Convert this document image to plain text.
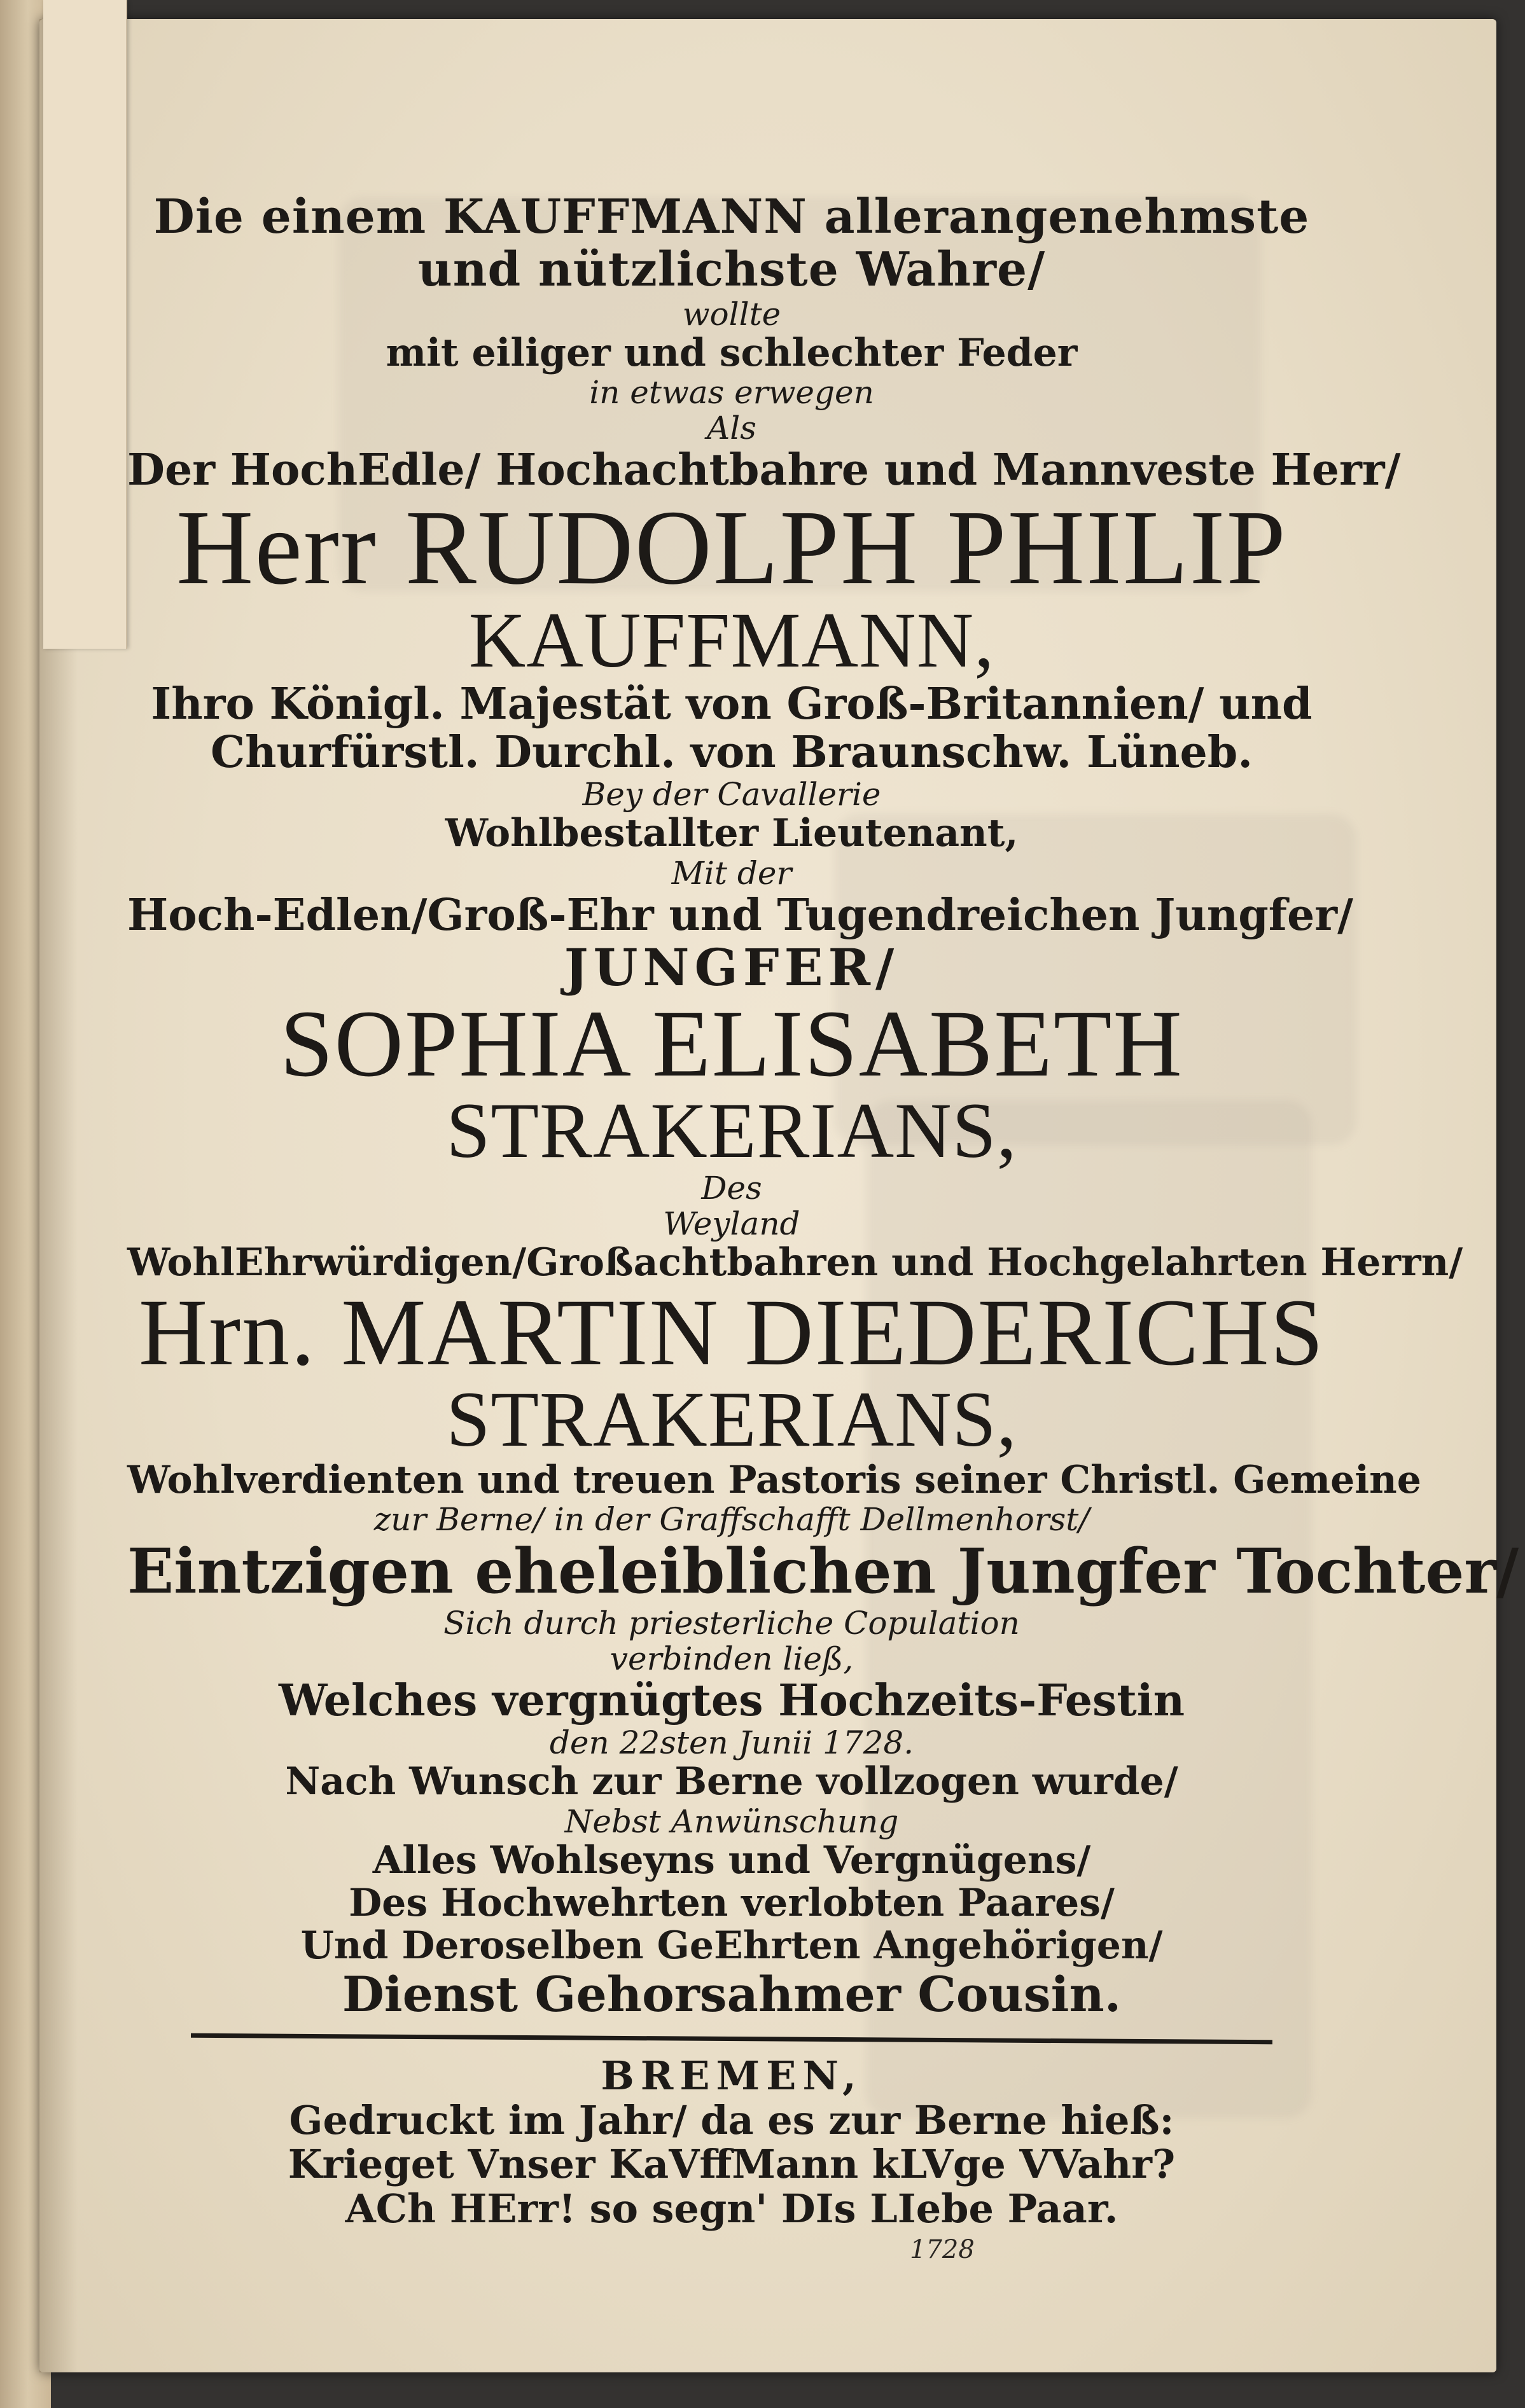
Die einem KAUFFMANN allerangenehmste
und nützlichste Wahre/
wollte
mit eiliger und schlechter Feder
in etwas erwegen
Als
Der HochEdle/ Hochachtbahre und Mannveste Herr/
Herr RUDOLPH PHILIP
KAUFFMANN,
Ihro Königl. Majestät von Groß-Britannien/ und
Churfürstl. Durchl. von Braunschw. Lüneb.
Bey der Cavallerie
Wohlbestallter Lieutenant,
Mit der
Hoch-Edlen/Groß-Ehr und Tugendreichen Jungfer/
JUNGFER/
SOPHIA ELISABETH
STRAKERIANS,
Des
Weyland
WohlEhrwürdigen/Großachtbahren und Hochgelahrten Herrn/
Hrn. MARTIN DIEDERICHS
STRAKERIANS,
Wohlverdienten und treuen Pastoris seiner Christl. Gemeine
zur Berne/ in der Graffschafft Dellmenhorst/
Eintzigen eheleiblichen Jungfer Tochter/
Sich durch priesterliche Copulation
verbinden ließ,
Welches vergnügtes Hochzeits-Festin
den 22sten Junii 1728.
Nach Wunsch zur Berne vollzogen wurde/
Nebst Anwünschung
Alles Wohlseyns und Vergnügens/
Des Hochwehrten verlobten Paares/
Und Deroselben GeEhrten Angehörigen/
Dienst Gehorsahmer Cousin.
BREMEN,
Gedruckt im Jahr/ da es zur Berne hieß:
Krieget Vnser KaVffMann kLVge VVahr?
ACh HErr! so segn' DIs LIebe Paar.
1728
